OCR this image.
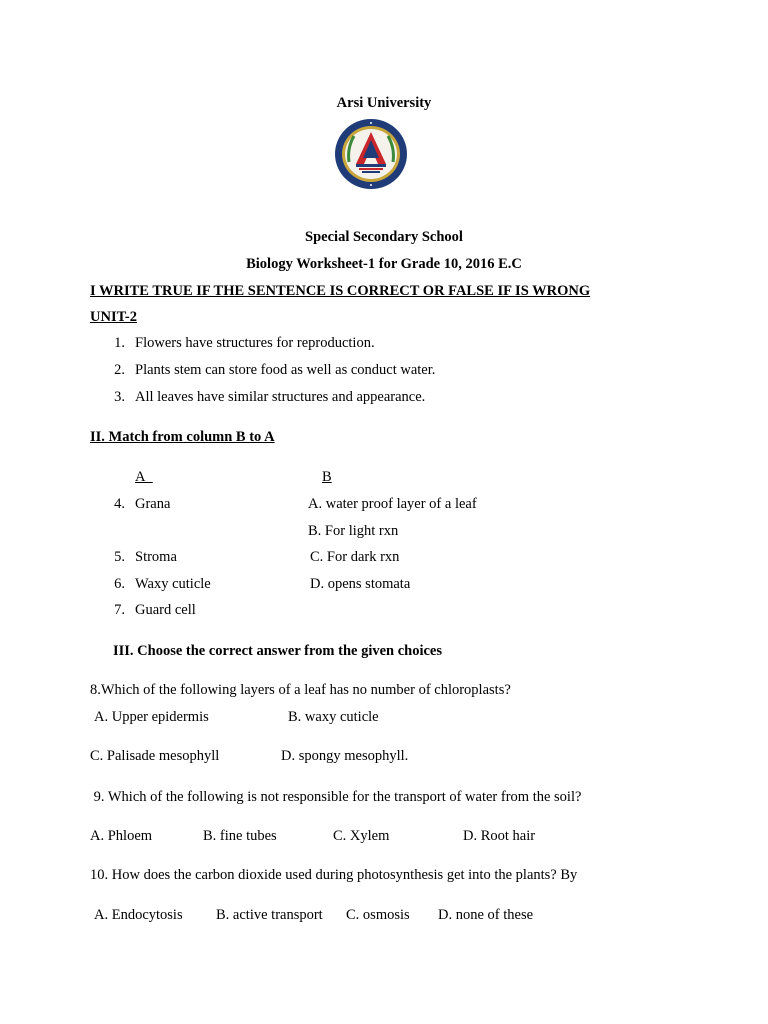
Arsi University
Special Secondary School
Biology Worksheet-1 for Grade 10, 2016 E.C
I WRITE TRUE IF THE SENTENCE IS CORRECT OR FALSE IF IS WRONG
UNIT-2
1. Flowers have structures for reproduction.
2. Plants stem can store food as well as conduct water.
3. All leaves have similar structures and appearance.
II. Match from column B to A
A	B
4. Grana	A. water proof layer of a leaf
B. For light rxn
5. Stroma	C. For dark rxn
6. Waxy cuticle	D. opens stomata
7. Guard cell
III. Choose the correct answer from the given choices
8.Which of the following layers of a leaf has no number of chloroplasts?
A. Upper epidermis	B. waxy cuticle
C. Palisade mesophyll	D. spongy mesophyll.
9. Which of the following is not responsible for the transport of water from the soil?
A. Phloem	B. fine tubes	C. Xylem	D. Root hair
10. How does the carbon dioxide used during photosynthesis get into the plants? By
A. Endocytosis B. active transport C. osmosis D. none of these
